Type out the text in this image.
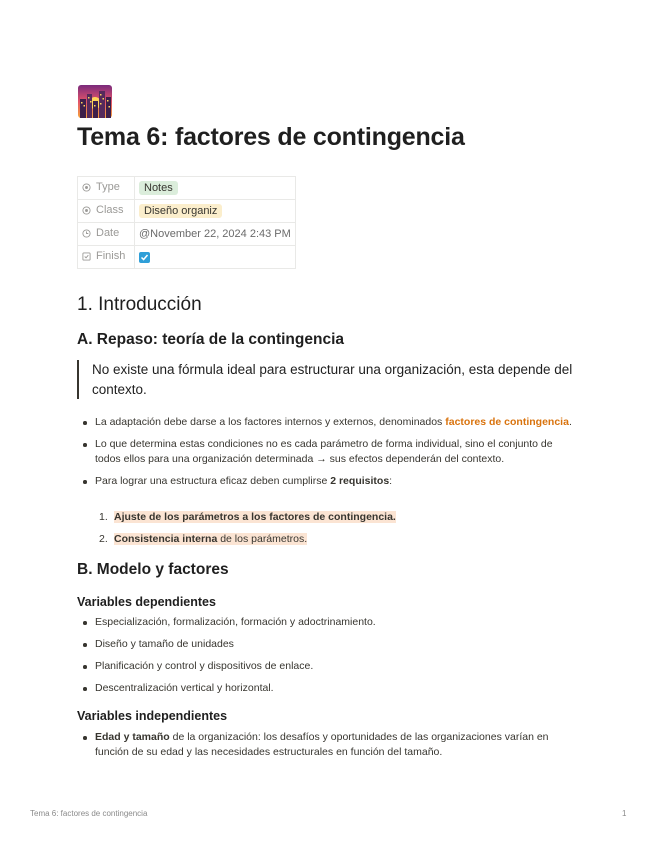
Tema 6: factores de contingencia
Type	Notes

Class	Diseño organiz

Date	@November 22, 2024 2:43 PM

Finish

1. Introducción
A. Repaso: teoría de la contingencia
No existe una fórmula ideal para estructurar una organización, esta depende del contexto.
La adaptación debe darse a los factores internos y externos, denominados factores de contingencia.
Lo que determina estas condiciones no es cada parámetro de forma individual, sino el conjunto de todos ellos para una organización determinada → sus efectos dependerán del contexto.
Para lograr una estructura eficaz deben cumplirse 2 requisitos:
1. Ajuste de los parámetros a los factores de contingencia.
2. Consistencia interna de los parámetros.
B. Modelo y factores
Variables dependientes
Especialización, formalización, formación y adoctrinamiento.
Diseño y tamaño de unidades
Planificación y control y dispositivos de enlace.
Descentralización vertical y horizontal.
Variables independientes
Edad y tamaño de la organización: los desafíos y oportunidades de las organizaciones varían en función de su edad y las necesidades estructurales en función del tamaño.
Tema 6: factores de contingencia	1
